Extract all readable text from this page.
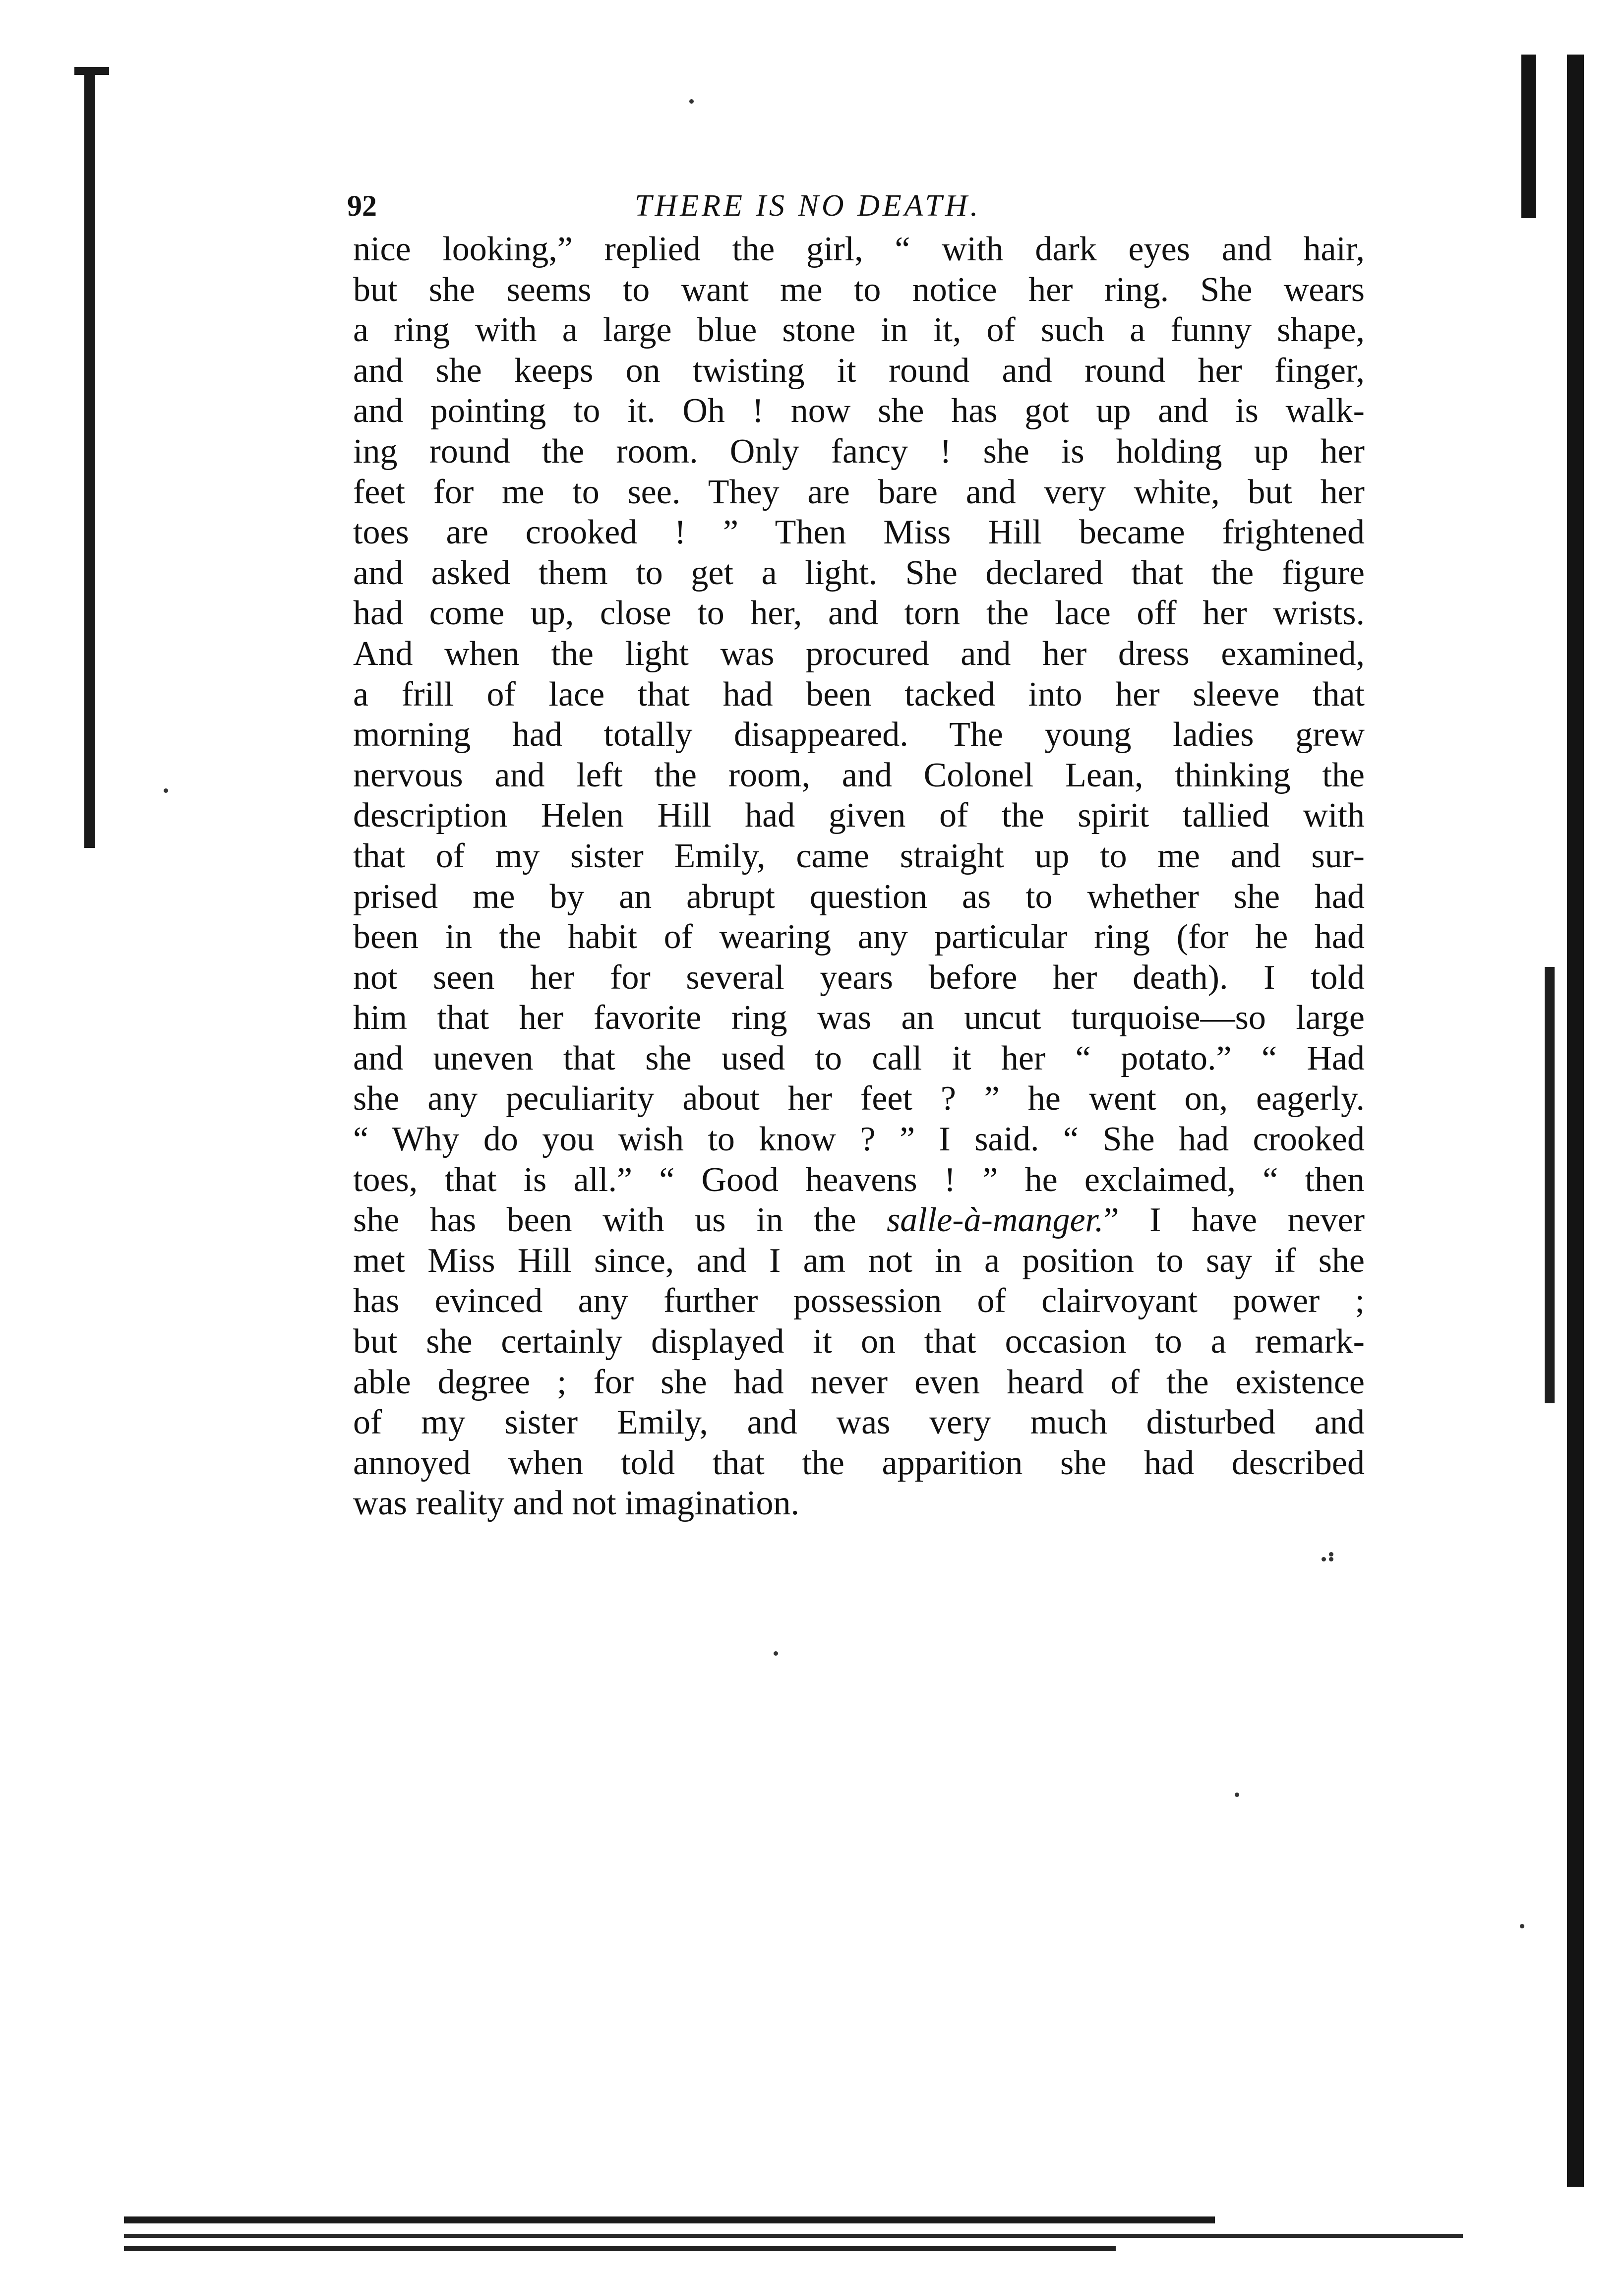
92	THERE IS NO DEATH.
nice looking,” replied the girl, “ with dark eyes and hair,
but she seems to want me to notice her ring. She wears
a ring with a large blue stone in it, of such a funny shape,
and she keeps on twisting it round and round her finger,
and pointing to it. Oh ! now she has got up and is walk-
ing round the room. Only fancy ! she is holding up her
feet for me to see. They are bare and very white, but her
toes are crooked ! ” Then Miss Hill became frightened
and asked them to get a light. She declared that the figure
had come up, close to her, and torn the lace off her wrists.
And when the light was procured and her dress examined,
a frill of lace that had been tacked into her sleeve that
morning had totally disappeared. The young ladies grew
nervous and left the room, and Colonel Lean, thinking the
description Helen Hill had given of the spirit tallied with
that of my sister Emily, came straight up to me and sur-
prised me by an abrupt question as to whether she had
been in the habit of wearing any particular ring (for he had
not seen her for several years before her death). I told
him that her favorite ring was an uncut turquoise—so large
and uneven that she used to call it her “ potato.” “ Had
she any peculiarity about her feet ? ” he went on, eagerly.
“ Why do you wish to know ? ” I said. “ She had crooked
toes, that is all.” “ Good heavens ! ” he exclaimed, “ then
she has been with us in the salle-à-manger.” I have never
met Miss Hill since, and I am not in a position to say if she
has evinced any further possession of clairvoyant power ;
but she certainly displayed it on that occasion to a remark-
able degree ; for she had never even heard of the existence
of my sister Emily, and was very much disturbed and
annoyed when told that the apparition she had described
was reality and not imagination.
